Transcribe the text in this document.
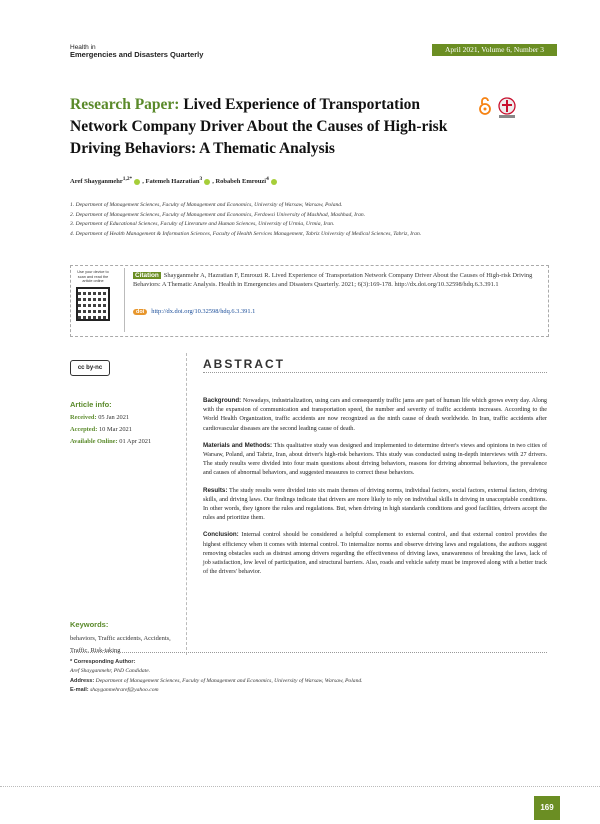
Health in
Emergencies and Disasters Quarterly
April 2021, Volume 6, Number 3
Research Paper: Lived Experience of Transportation Network Company Driver About the Causes of High-risk Driving Behaviors: A Thematic Analysis
Aref Shayganmehr$^{1,2*}$ , Fatemeh Hazratian$^3$ , Robabeh Emrouzi$^4$
1. Department of Management Sciences, Faculty of Management and Economics, University of Warsaw, Warsaw, Poland.
2. Department of Management Sciences, Faculty of Management and Economics, Ferdowsi University of Mashhad, Mashhad, Iran.
3. Department of Educational Sciences, Faculty of Literature and Human Sciences, University of Urmia, Urmia, Iran.
4. Department of Health Management & Information Sciences, Faculty of Health Services Management, Tabriz University of Medical Sciences, Tabriz, Iran.
Use your device to scan and read the article online
Citation Shayganmehr A, Hazratian F, Emrouzi R. Lived Experience of Transportation Network Company Driver About the Causes of High-risk Driving Behaviors: A Thematic Analysis. Health in Emergencies and Disasters Quarterly. 2021; 6(3):169-178. http://dx.doi.org/10.32598/hdq.6.3.391.1
doi http://dx.doi.org/10.32598/hdq.6.3.391.1
cc by-nc	ABSTRACT
Article info:
Received: 05 Jan 2021
Accepted: 10 Mar 2021
Available Online: 01 Apr 2021

Background: Nowadays, industrialization, using cars and consequently traffic jams are part of human life which grows every day. Along with the expansion of communication and transportation speed, the number and severity of traffic accidents increases. According to the World Health Organization, traffic accidents are now recognized as the ninth cause of death worldwide. In Iran, traffic accidents after cardiovascular diseases are the second leading cause of death.

Materials and Methods: This qualitative study was designed and implemented to determine driver's views and opinions in two cities of Warsaw, Poland, and Tabriz, Iran, about driver's high-risk behaviors. This study was conducted using in-depth interviews with 27 drivers. The study results were divided into four main questions about driving behaviors, reasons for driving abnormal behaviors, the prevalence and causes of abnormal behaviors, and suggested measures to correct these behaviors.

Results: The study results were divided into six main themes of driving norms, individual factors, social factors, external factors, driving skills, and driving laws. Our findings indicate that drivers are more likely to rely on individual skills in driving in unacceptable conditions. In other words, they ignore the rules and regulations. But, when driving in high standards conditions and good facilities, drivers accept the rules and prioritize them.

Conclusion: Internal control should be considered a helpful complement to external control, and that external control provides the highest efficiency when it comes with internal control. To internalize norms and observe driving laws and regulations, the authors suggest removing obstacles such as distrust among drivers regarding the effectiveness of driving laws, unawareness of breaking the laws, lack of job satisfaction, low level of participation, and structural barriers. Also, roads and vehicle safety must be improved along with a better track of the drivers' behavior.

Keywords:
behaviors, Traffic accidents, Accidents, Traffic, Risk-taking
* Corresponding Author:
Aref Shayganmehr, PhD Candidate.
Address: Department of Management Sciences, Faculty of Management and Economics, University of Warsaw, Warsaw, Poland.
E-mail: shayganmehraref@yahoo.com
169
